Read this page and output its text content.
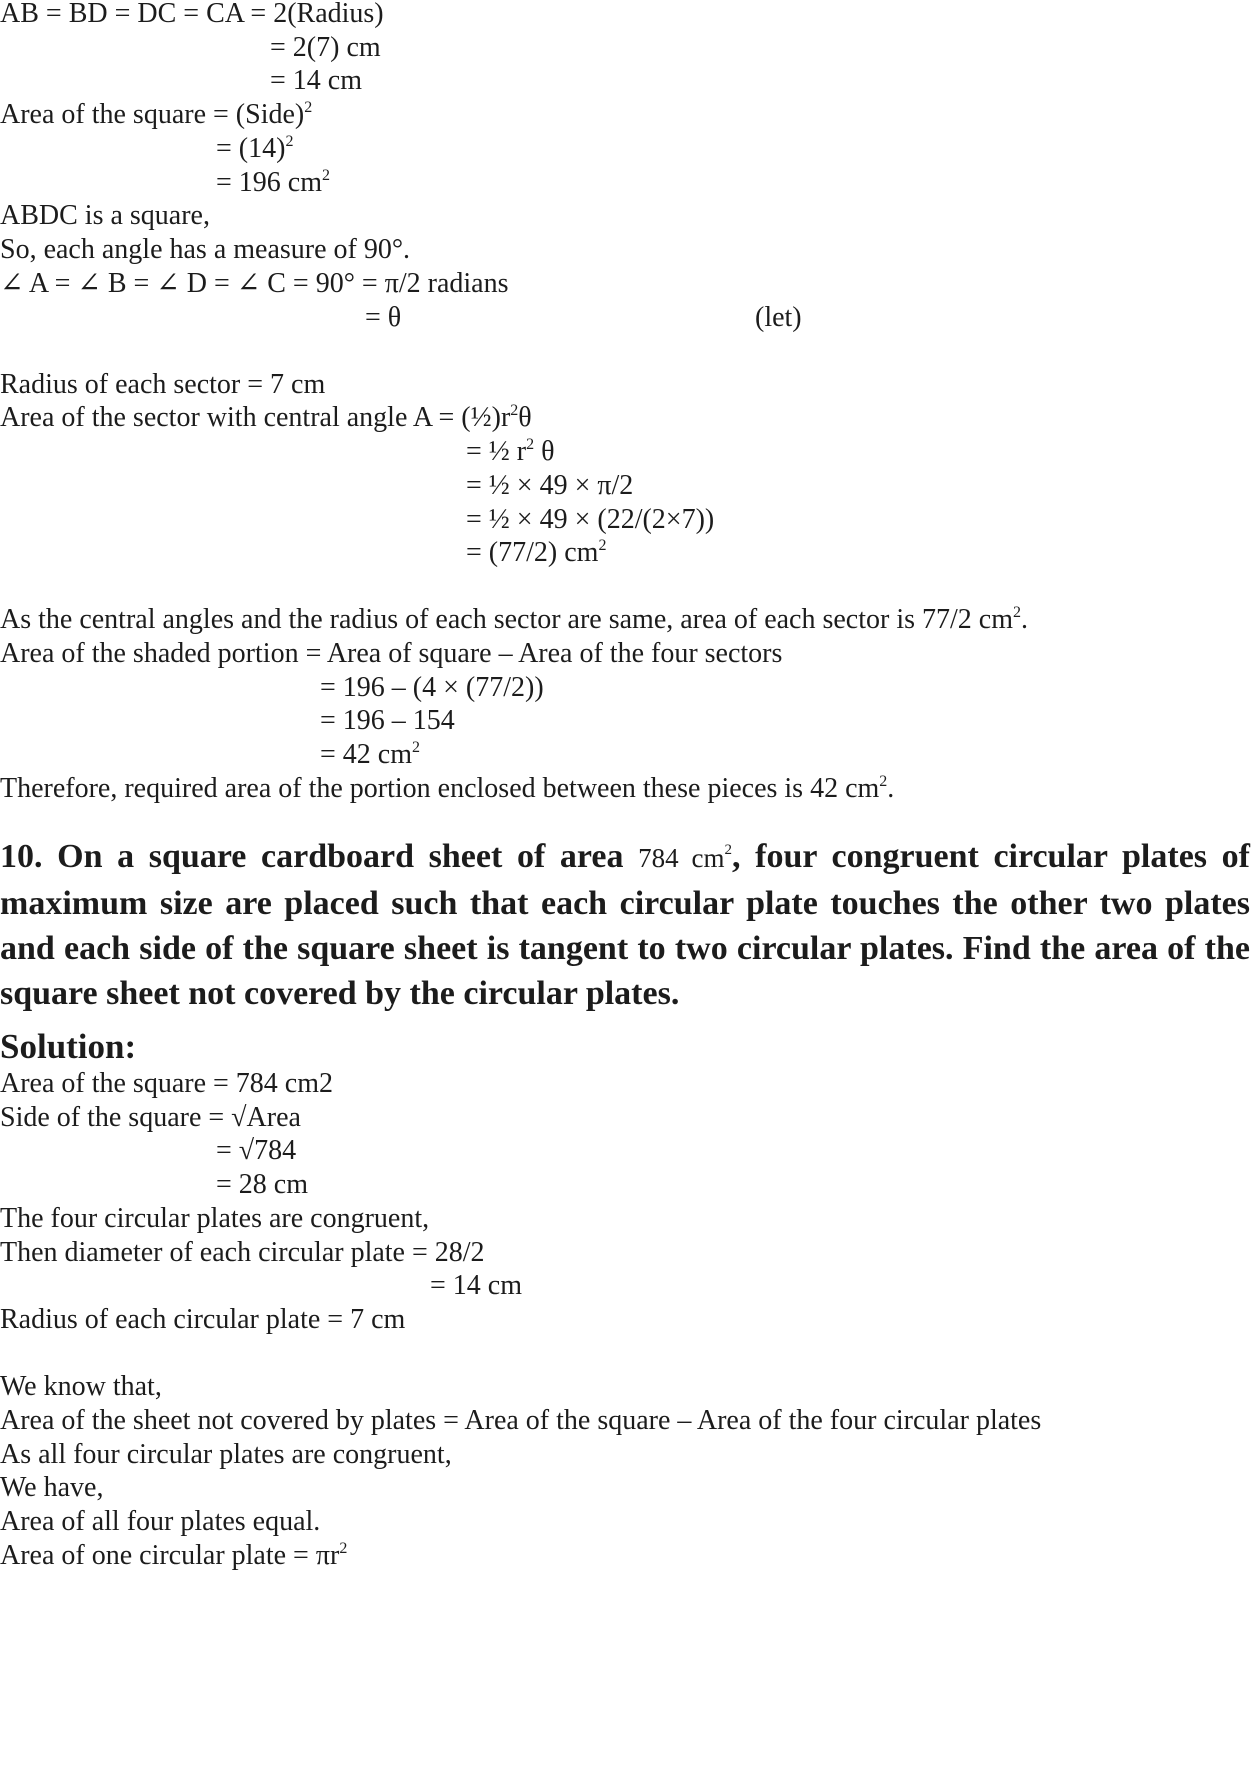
AB = BD = DC = CA = 2(Radius)
= 2(7) cm
= 14 cm
Area of the square = (Side)$^2$
= $(14)^2$
= 196 $cm^2$
ABDC is a square,
So, each angle has a measure of 90°.
∠ A = ∠ B = ∠ D = ∠ C = 90° = π/2 radians
= θ	(let)
Radius of each sector = 7 cm
Area of the sector with central angle $A = (\frac{1}{2})r^2\theta$
= ½ $r^2$ θ
= ½ × 49 × π/2
= ½ × 49 × (22/(2×7))
= (77/2) $cm^2$
As the central angles and the radius of each sector are same, area of each sector is 77/2 $cm^2$.
Area of the shaded portion = Area of square – Area of the four sectors
= 196 – (4 × (77/2))
= 196 – 154
= 42 $cm^2$
Therefore, required area of the portion enclosed between these pieces is 42 $cm^2$.
10. On a square cardboard sheet of area 784 $cm^2$, four congruent circular plates of maximum size are placed such that each circular plate touches the other two plates and each side of the square sheet is tangent to two circular plates. Find the area of the square sheet not covered by the circular plates.
Solution:
Area of the square = 784 cm2
Side of the square = √Area
= √784
= 28 cm
The four circular plates are congruent,
Then diameter of each circular plate = 28/2
= 14 cm
Radius of each circular plate = 7 cm
We know that,
Area of the sheet not covered by plates = Area of the square – Area of the four circular plates
As all four circular plates are congruent,
We have,
Area of all four plates equal.
Area of one circular plate = $\pi r^2$
